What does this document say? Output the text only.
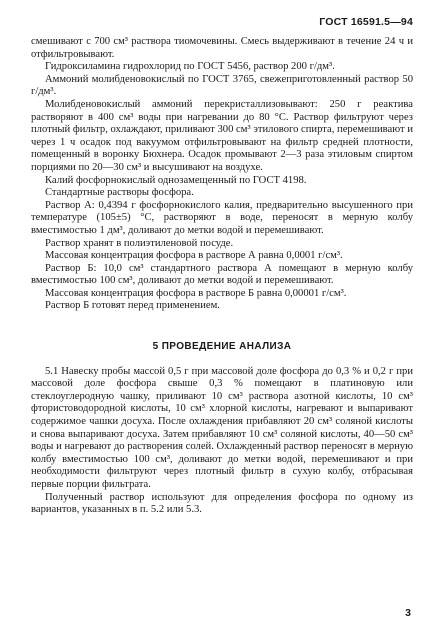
ГОСТ 16591.5—94

смешивают с 700 см³ раствора тиомочевины. Смесь выдерживают в течение 24 ч и отфильтровывают.

Гидроксиламина гидрохлорид по ГОСТ 5456, раствор 200 г/дм³.

Аммоний молибденовокислый по ГОСТ 3765, свежеприготовленный раствор 50 г/дм³.

Молибденовокислый аммоний перекристаллизовывают: 250 г реактива растворяют в 400 см³ воды при нагревании до 80 °С. Раствор фильтруют через плотный фильтр, охлаждают, приливают 300 см³ этилового спирта, перемешивают и через 1 ч осадок под вакуумом отфильтровывают на фильтр средней плотности, помещенный в воронку Бюхнера. Осадок промывают 2—3 раза этиловым спиртом порциями по 20—30 см³ и высушивают на воздухе.

Калий фосфорнокислый однозамещенный по ГОСТ 4198.

Стандартные растворы фосфора.

Раствор А: 0,4394 г фосфорнокислого калия, предварительно высушенного при температуре (105±5) °С, растворяют в воде, переносят в мерную колбу вместимостью 1 дм³, доливают до метки водой и перемешивают.

Раствор хранят в полиэтиленовой посуде.

Массовая концентрация фосфора в растворе А равна 0,0001 г/см³.

Раствор Б: 10,0 см³ стандартного раствора А помещают в мерную колбу вместимостью 100 см³, доливают до метки водой и перемешивают.

Массовая концентрация фосфора в растворе Б равна 0,00001 г/см³.

Раствор Б готовят перед применением.

5 ПРОВЕДЕНИЕ АНАЛИЗА

5.1 Навеску пробы массой 0,5 г при массовой доле фосфора до 0,3 % и 0,2 г при массовой доле фосфора свыше 0,3 % помещают в платиновую или стеклоуглеродную чашку, приливают 10 см³ раствора азотной кислоты, 10 см³ фтористоводородной кислоты, 10 см³ хлорной кислоты, нагревают и выпаривают содержимое чашки досуха. После охлаждения прибавляют 20 см³ соляной кислоты и снова выпаривают досуха. Затем прибавляют 10 см³ соляной кислоты, 40—50 см³ воды и нагревают до растворения солей. Охлажденный раствор переносят в мерную колбу вместимостью 100 см³, доливают до метки водой, перемешивают и при необходимости фильтруют через плотный фильтр в сухую колбу, отбрасывая первые порции фильтрата.

Полученный раствор используют для определения фосфора по одному из вариантов, указанных в п. 5.2 или 5.3.

3
